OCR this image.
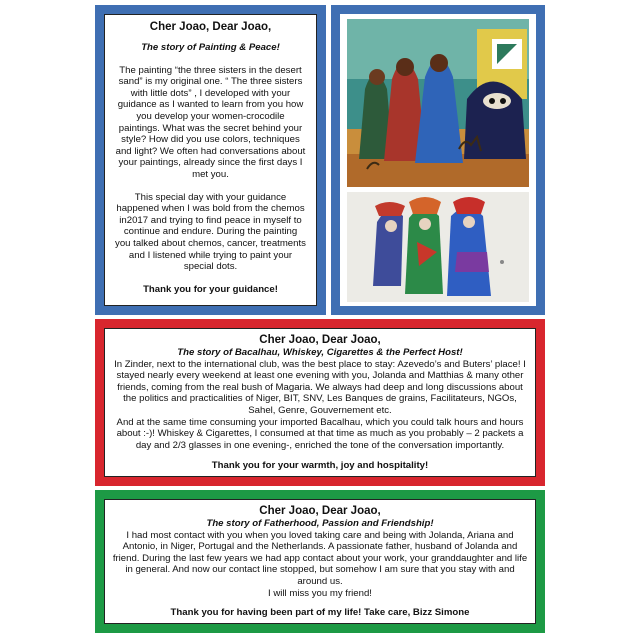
Cher Joao, Dear Joao,

The story of Painting & Peace!

The painting “the three sisters in the desert sand” is my original one. “ The three sisters with little dots” , I developed with your guidance as I wanted to learn from you how you develop your women-crocodile paintings. What was the secret behind your style? How did you use colors, techniques and light? We often had conversations about your paintings, already since the first days I met you.

This special day with your guidance happened when I was bold from the chemos in2017 and trying to find peace in myself to continue and endure. During the painting you talked about chemos, cancer, treatments and I listened while trying to paint your special dots.

Thank you for your guidance!

Cher Joao, Dear Joao,

The story of Bacalhau, Whiskey, Cigarettes & the Perfect Host!

In Zinder, next to the international club, was the best place to stay: Azevedo’s and Buters’ place! I stayed nearly every weekend at least one evening with you, Jolanda and Matthias & many other friends, coming from the real bush of Magaria. We always had deep and long discussions about the politics and practicalities of Niger, BIT, SNV, Les Banques de grains, Facilitateurs, NGOs, Sahel, Genre, Gouvernement etc.

And at the same time consuming your imported Bacalhau, which you could talk hours and hours about :-)! Whiskey & Cigarettes, I consumed at that time as much as you probably – 2 packets a day and 2/3 glasses in one evening-, enriched the tone of the conversation importantly.

Thank you for your warmth, joy and hospitality!

Cher Joao, Dear Joao,

The story of Fatherhood, Passion and Friendship!

I had most contact with you when you loved taking care and being with Jolanda, Ariana and Antonio, in Niger, Portugal and the Netherlands. A passionate father, husband of Jolanda and friend. During the last few years we had app contact about your work, your granddaughter and life in general. And now our contact line stopped, but somehow I am sure that you stay with and around us.

I will miss you my friend!

Thank you for having been part of my life! Take care, Bizz Simone
